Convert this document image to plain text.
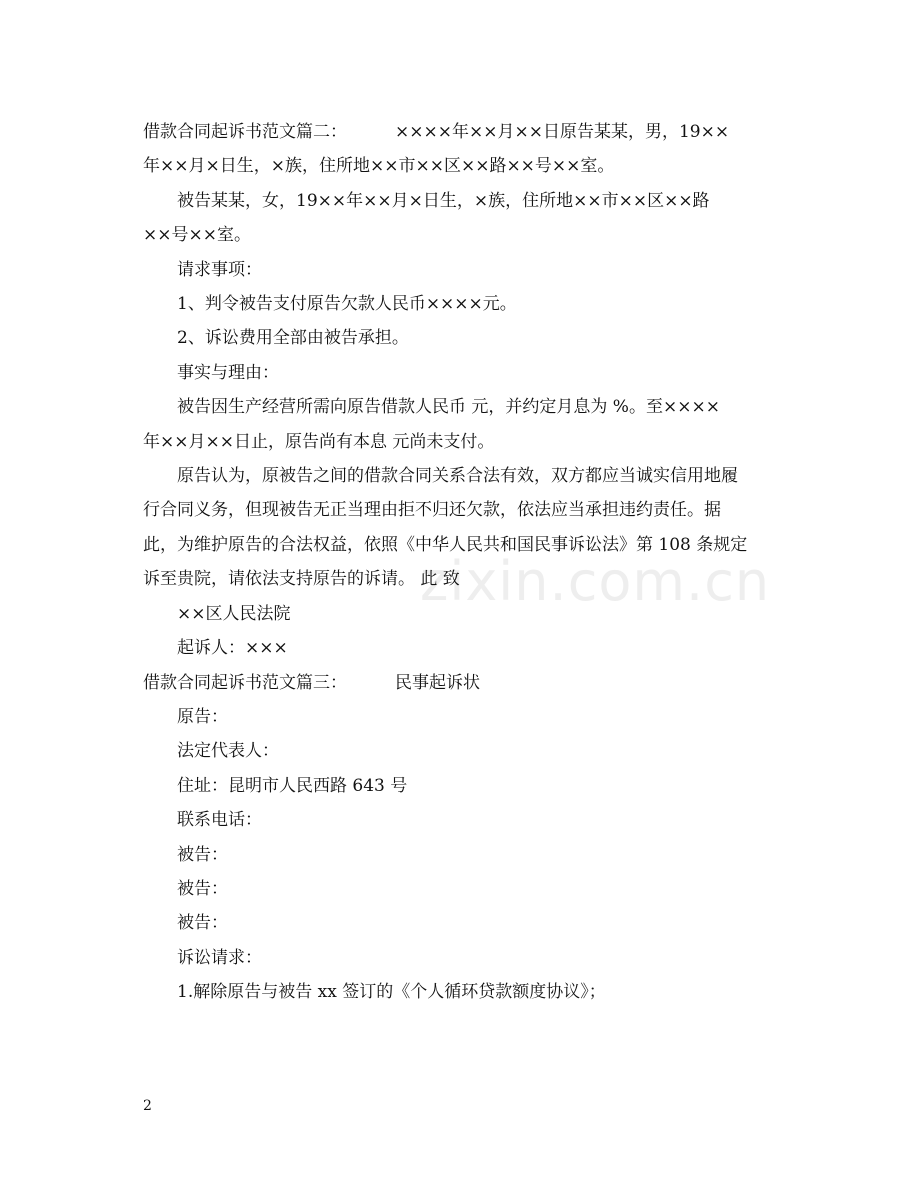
zixin.com.cn
借款合同起诉书范文篇二：	××××年××月××日原告某某，男，19××
年××月×日生，×族，住所地××市××区××路××号××室。
被告某某，女，19××年××月×日生，×族，住所地××市××区××路
××号××室。
请求事项：
1、判令被告支付原告欠款人民币××××元。
2、诉讼费用全部由被告承担。
事实与理由：
被告因生产经营所需向原告借款人民币 元，并约定月息为 %。至××××
年××月××日止，原告尚有本息 元尚未支付。
原告认为，原被告之间的借款合同关系合法有效，双方都应当诚实信用地履
行合同义务，但现被告无正当理由拒不归还欠款，依法应当承担违约责任。据
此，为维护原告的合法权益，依照《中华人民共和国民事诉讼法》第 108 条规定
诉至贵院，请依法支持原告的诉请。 此 致
××区人民法院
起诉人：×××
借款合同起诉书范文篇三：	民事起诉状
原告：
法定代表人：
住址：昆明市人民西路 643 号
联系电话：
被告：
被告：
被告：
诉讼请求：
1.解除原告与被告 xx 签订的《个人循环贷款额度协议》；
2
